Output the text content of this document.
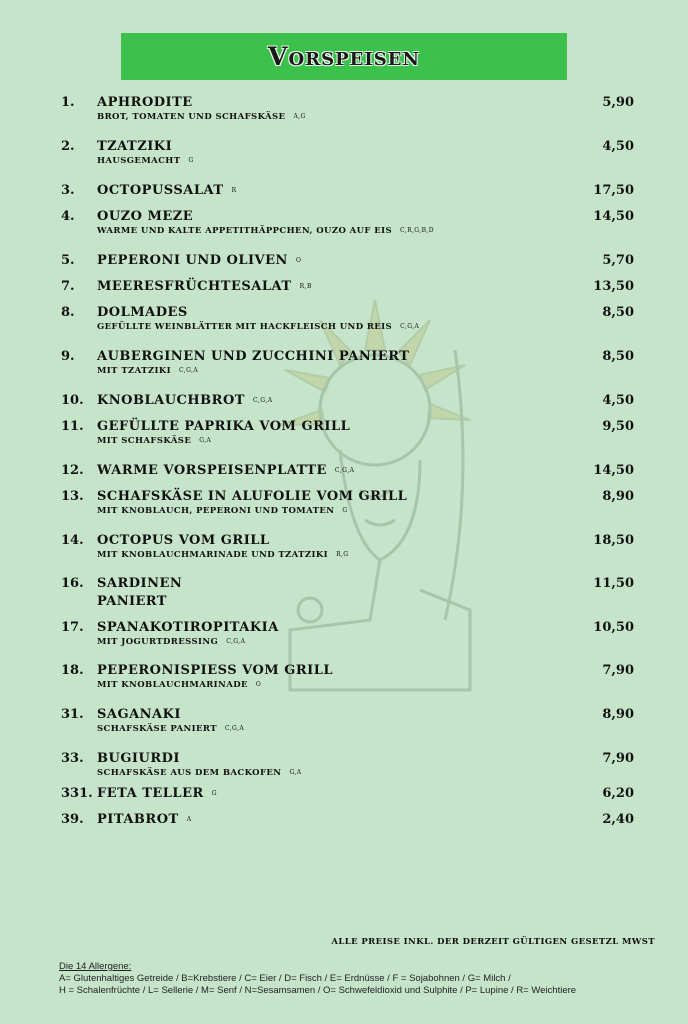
Vorspeisen
1. APHRODITE
BROT, TOMATEN UND SCHAFSKÄSE A,G
5,90
2. TZATZIKI
HAUSGEMACHT G
4,50
3. OCTOPUSSALAT R	17,50
4. OUZO MEZE
WARME UND KALTE APPETITHÄPPCHEN, OUZO AUF EIS C,R,G,B,D
14,50
5. PEPERONI UND OLIVEN O	5,70
7. MEERESFRÜCHTESALAT R,B	13,50
8. DOLMADES
GEFÜLLTE WEINBLÄTTER MIT HACKFLEISCH UND REIS C,G,A
8,50
9. AUBERGINEN UND ZUCCHINI PANIERT
MIT TZATZIKI C,G,A
8,50
10. KNOBLAUCHBROT C,G,A	4,50
11. GEFÜLLTE PAPRIKA VOM GRILL
MIT SCHAFSKÄSE G,A
9,50
12. WARME VORSPEISENPLATTE C,G,A	14,50
13. SCHAFSKÄSE IN ALUFOLIE VOM GRILL
MIT KNOBLAUCH, PEPERONI UND TOMATEN G
8,90
14. OCTOPUS VOM GRILL
MIT KNOBLAUCHMARINADE UND TZATZIKI R,G
18,50
16. SARDINEN
PANIERT
11,50
17. SPANAKOTIROPITAKIA
MIT JOGURTDRESSING C,G,A
10,50
18. PEPERONISPIESS VOM GRILL
MIT KNOBLAUCHMARINADE O
7,90
31. SAGANAKI
SCHAFSKÄSE PANIERT C,G,A
8,90
33. BUGIURDI
SCHAFSKÄSE AUS DEM BACKOFEN G,A
7,90
331. FETA TELLER G	6,20
39. PITABROT A	2,40
ALLE PREISE INKL. DER DERZEIT GÜLTIGEN GESETZL MWST
Die 14 Allergene:
A= Glutenhaltiges Getreide / B=Krebstiere / C= Eier / D= Fisch / E= Erdnüsse / F = Sojabohnen / G= Milch /
H = Schalenfrüchte / L= Sellerie / M= Senf / N=Sesamsamen / O= Schwefeldioxid und Sulphite / P= Lupine / R= Weichtiere
